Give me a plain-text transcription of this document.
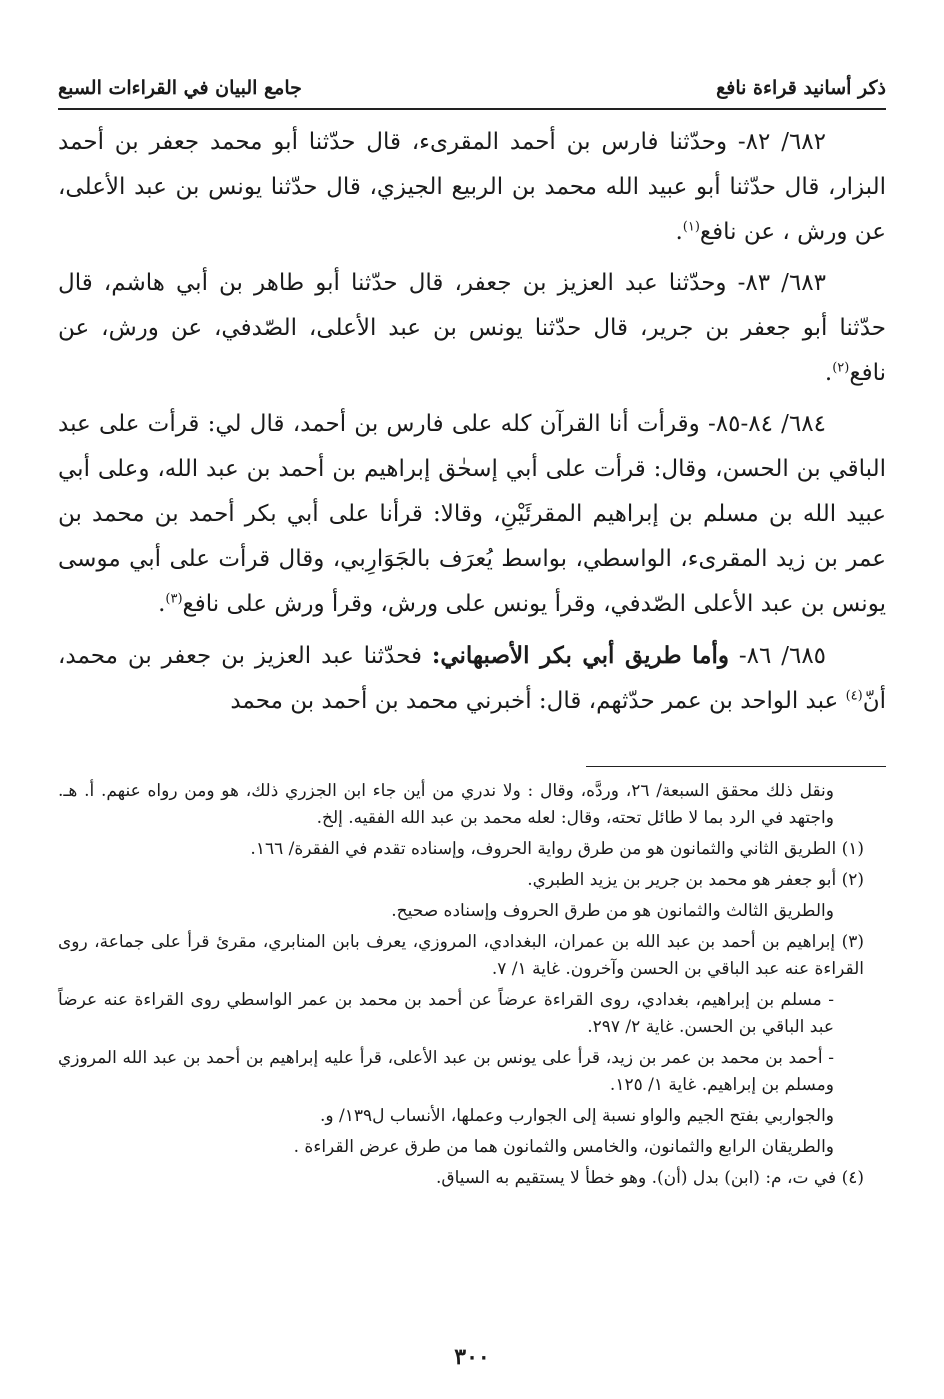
ذكر أسانيد قراءة نافع
جامع البيان في القراءات السبع

٦٨٢/ ٨٢- وحدّثنا فارس بن أحمد المقرىء، قال حدّثنا أبو محمد جعفر بن أحمد البزار، قال حدّثنا أبو عبيد الله محمد بن الربيع الجيزي، قال حدّثنا يونس بن عبد الأعلى، عن ورش ، عن نافع$^{(١)}$.

٦٨٣/ ٨٣- وحدّثنا عبد العزيز بن جعفر، قال حدّثنا أبو طاهر بن أبي هاشم، قال حدّثنا أبو جعفر بن جرير، قال حدّثنا يونس بن عبد الأعلى، الصّدفي، عن ورش، عن نافع$^{(٢)}$.

٦٨٤/ ٨٤-٨٥- وقرأت أنا القرآن كله على فارس بن أحمد، قال لي: قرأت على عبد الباقي بن الحسن، وقال: قرأت على أبي إسحٰق إبراهيم بن أحمد بن عبد الله، وعلى أبي عبيد الله بن مسلم بن إبراهيم المقرئَيْنِ، وقالا: قرأنا على أبي بكر أحمد بن محمد بن عمر بن زيد المقرىء، الواسطي، بواسط يُعرَف بالجَوَارِبي، وقال قرأت على أبي موسى يونس بن عبد الأعلى الصّدفي، وقرأ يونس على ورش، وقرأ ورش على نافع$^{(٣)}$.

٦٨٥/ ٨٦- وأما طريق أبي بكر الأصبهاني: فحدّثنا عبد العزيز بن جعفر بن محمد، أنّ$^{(٤)}$ عبد الواحد بن عمر حدّثهم، قال: أخبرني محمد بن أحمد بن محمد

ونقل ذلك محقق السبعة/ ٢٦، وردَّه، وقال : ولا ندري من أين جاء ابن الجزري ذلك، هو ومن رواه عنهم. أ. هـ. واجتهد في الرد بما لا طائل تحته، وقال: لعله محمد بن عبد الله الفقيه. إلخ.

(١) الطريق الثاني والثمانون هو من طرق رواية الحروف، وإسناده تقدم في الفقرة/ ١٦٦.

(٢) أبو جعفر هو محمد بن جرير بن يزيد الطبري.

والطريق الثالث والثمانون هو من طرق الحروف وإسناده صحيح.

(٣) إبراهيم بن أحمد بن عبد الله بن عمران، البغدادي، المروزي، يعرف بابن المنابري، مقرئ قرأ على جماعة، روى القراءة عنه عبد الباقي بن الحسن وآخرون. غاية ١/ ٧.

- مسلم بن إبراهيم، بغدادي، روى القراءة عرضاً عن أحمد بن محمد بن عمر الواسطي روى القراءة عنه عرضاً عبد الباقي بن الحسن. غاية ٢/ ٢٩٧.

- أحمد بن محمد بن عمر بن زيد، قرأ على يونس بن عبد الأعلى، قرأ عليه إبراهيم بن أحمد بن عبد الله المروزي ومسلم بن إبراهيم. غاية ١/ ١٢٥.

والجواربي بفتح الجيم والواو نسبة إلى الجوارب وعملها، الأنساب ل١٣٩/ و.

والطريقان الرابع والثمانون، والخامس والثمانون هما من طرق عرض القراءة .

(٤) في ت، م: (ابن) بدل (أن). وهو خطأ لا يستقيم به السياق.

٣٠٠
